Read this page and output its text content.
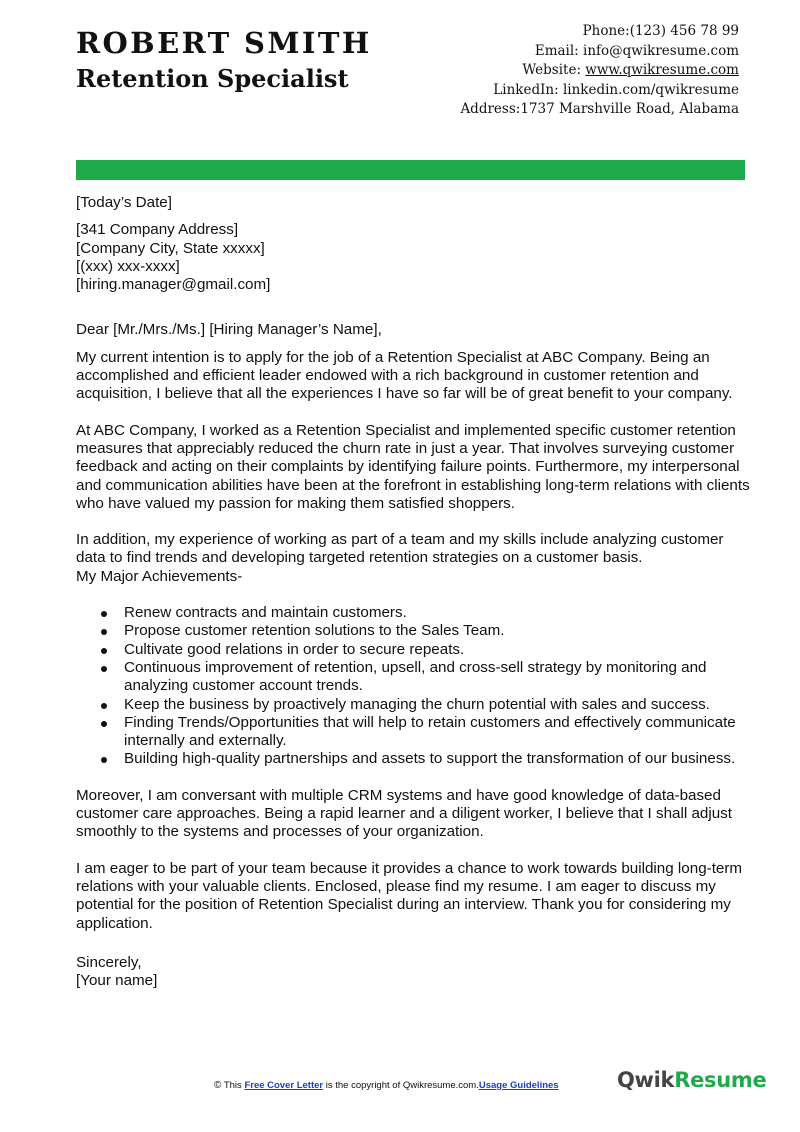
ROBERT SMITH
Retention Specialist
Phone:(123) 456 78 99
Email: info@qwikresume.com
Website: www.qwikresume.com
LinkedIn: linkedin.com/qwikresume
Address:1737 Marshville Road, Alabama

[Today’s Date]

[341 Company Address]

[Company City, State xxxxx]

[(xxx) xxx-xxxx]

[hiring.manager@gmail.com]

Dear [Mr./Mrs./Ms.] [Hiring Manager’s Name],

My current intention is to apply for the job of a Retention Specialist at ABC Company. Being an accomplished and efficient leader endowed with a rich background in customer retention and acquisition, I believe that all the experiences I have so far will be of great benefit to your company.

At ABC Company, I worked as a Retention Specialist and implemented specific customer retention measures that appreciably reduced the churn rate in just a year. That involves surveying customer feedback and acting on their complaints by identifying failure points. Furthermore, my interpersonal and communication abilities have been at the forefront in establishing long-term relations with clients who have valued my passion for making them satisfied shoppers.

In addition, my experience of working as part of a team and my skills include analyzing customer data to find trends and developing targeted retention strategies on a customer basis.

My Major Achievements-

Renew contracts and maintain customers.
Propose customer retention solutions to the Sales Team.
Cultivate good relations in order to secure repeats.
Continuous improvement of retention, upsell, and cross-sell strategy by monitoring and analyzing customer account trends.
Keep the business by proactively managing the churn potential with sales and success.
Finding Trends/Opportunities that will help to retain customers and effectively communicate internally and externally.
Building high-quality partnerships and assets to support the transformation of our business.

Moreover, I am conversant with multiple CRM systems and have good knowledge of data-based customer care approaches. Being a rapid learner and a diligent worker, I believe that I shall adjust smoothly to the systems and processes of your organization.

I am eager to be part of your team because it provides a chance to work towards building long-term relations with your valuable clients. Enclosed, please find my resume. I am eager to discuss my potential for the position of Retention Specialist during an interview. Thank you for considering my application.

Sincerely,

[Your name]

© This Free Cover Letter is the copyright of Qwikresume.com.Usage Guidelines	QwikResume
